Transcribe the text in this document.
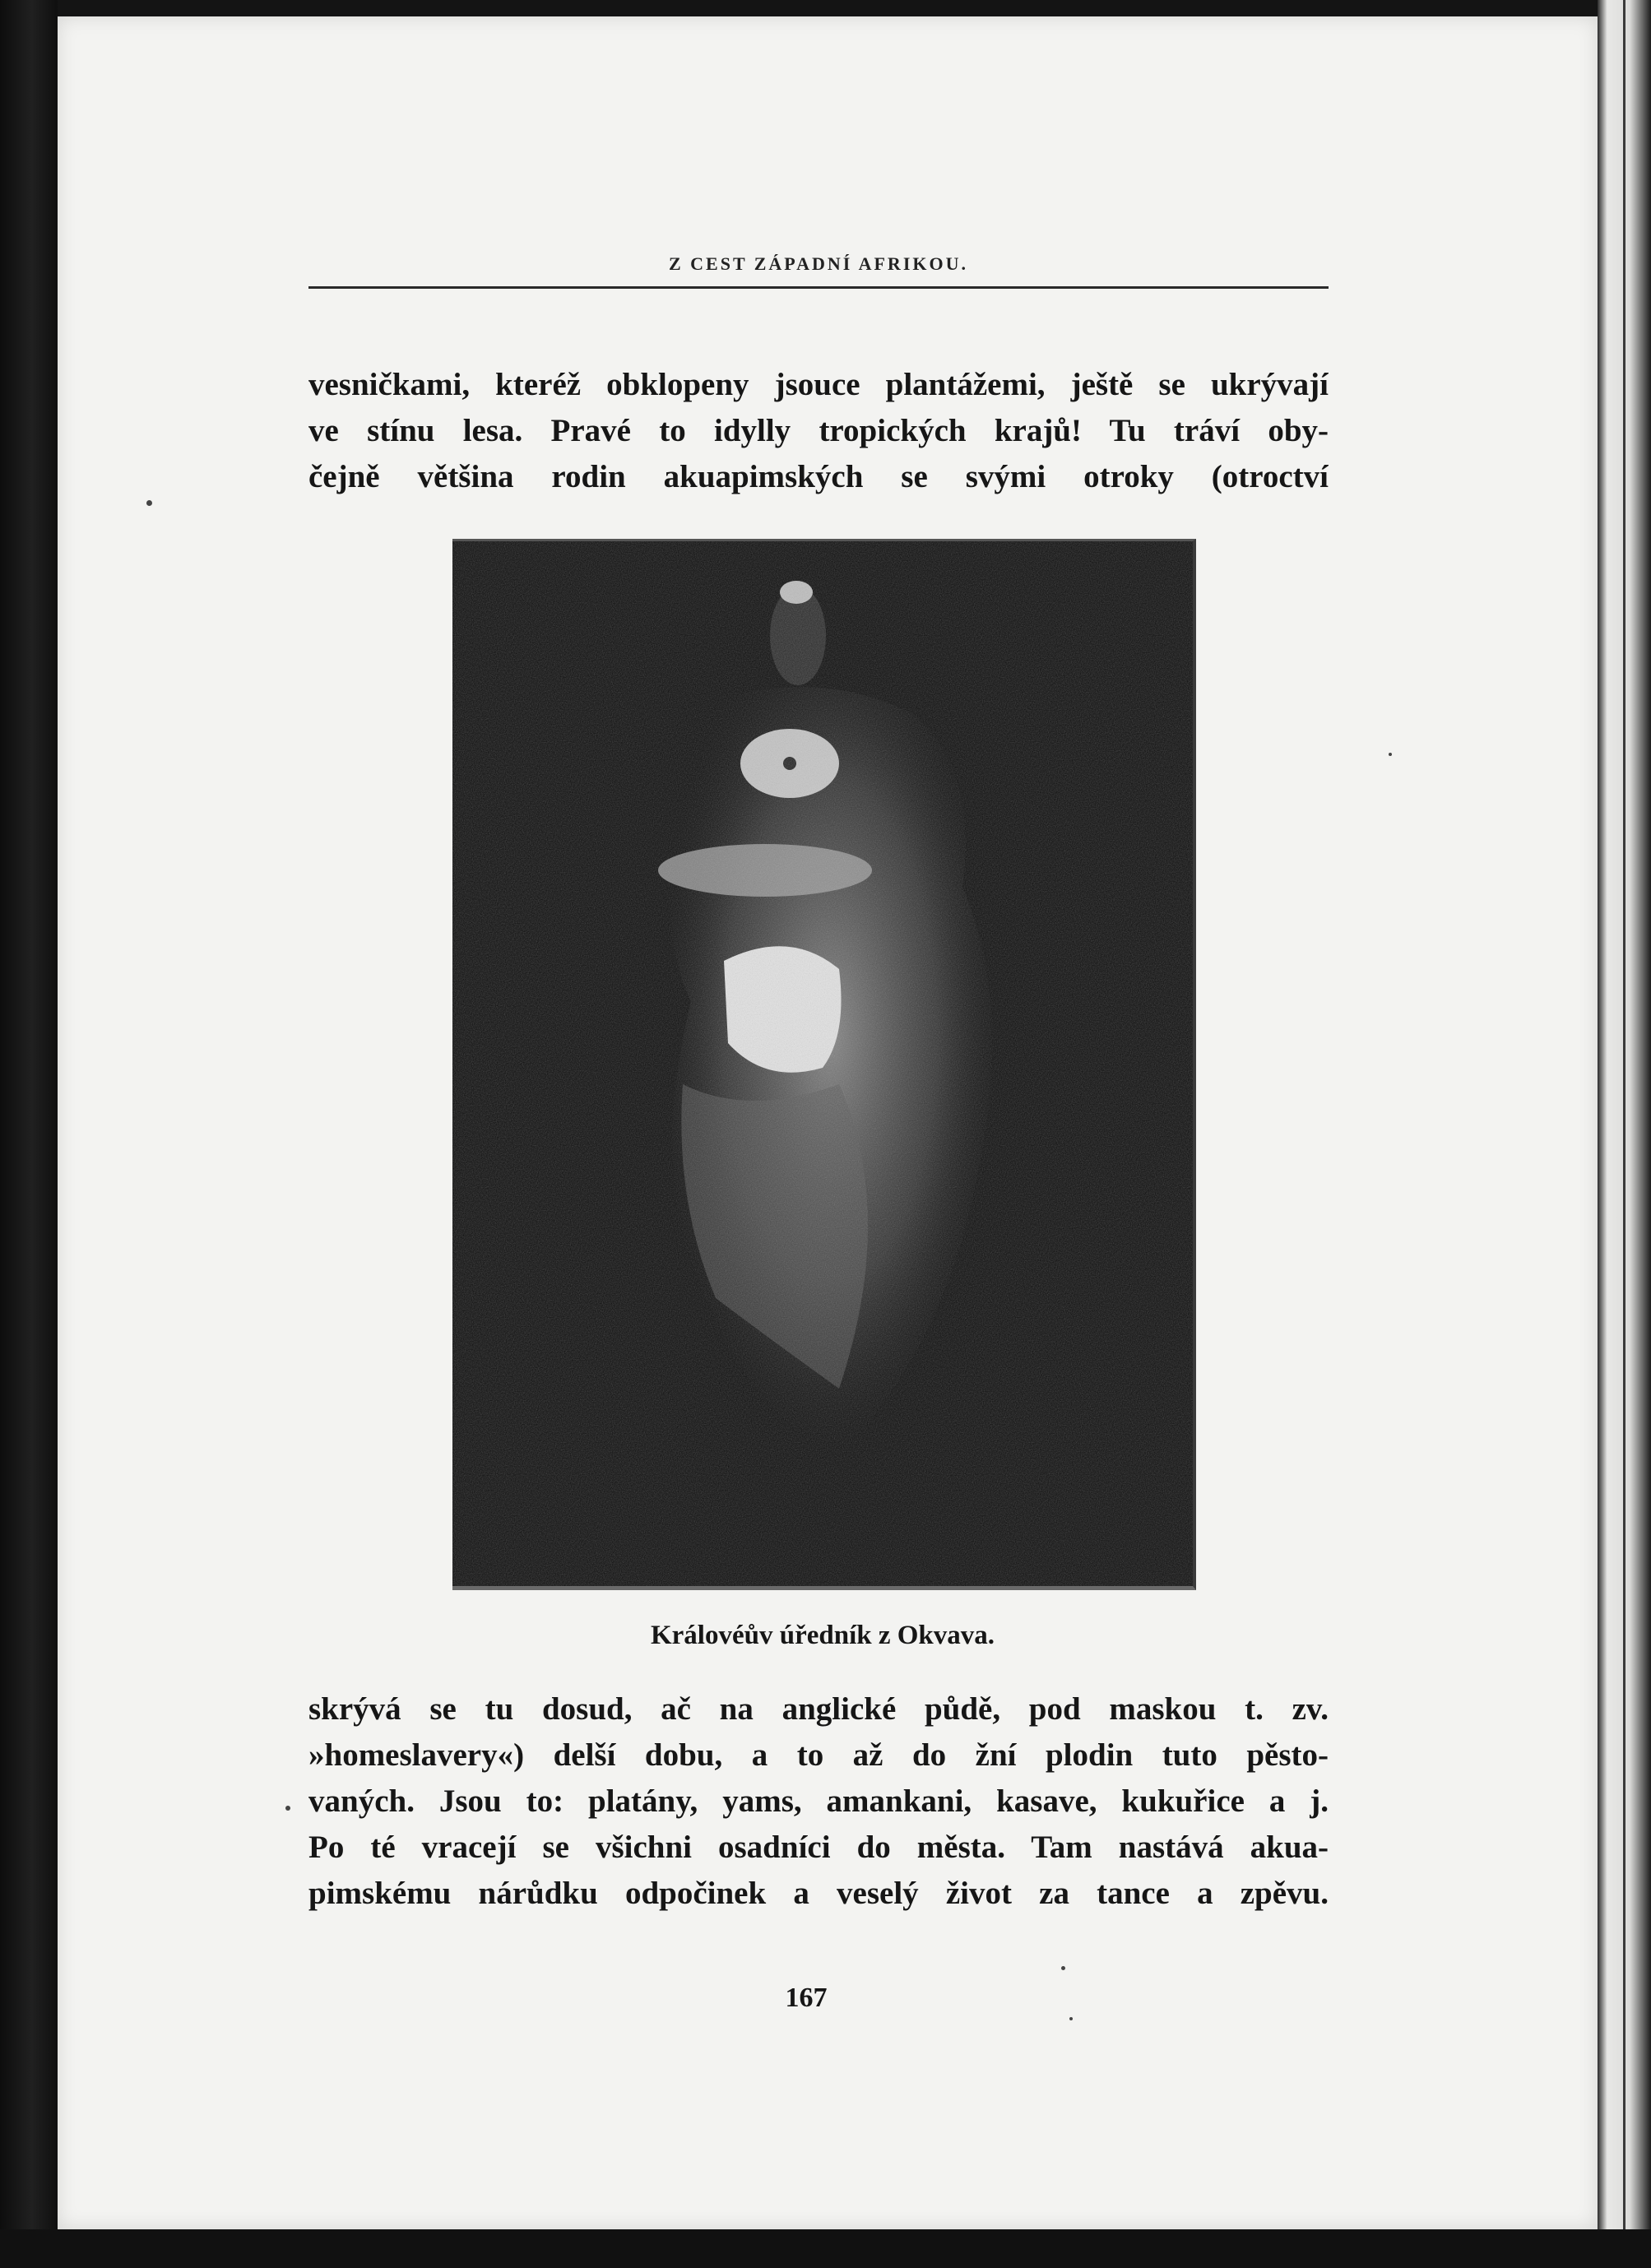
Z CEST ZÁPADNÍ AFRIKOU.
vesničkami, kteréž obklopeny jsouce plantážemi, ještě se ukrývají
ve stínu lesa. Pravé to idylly tropických krajů! Tu tráví oby-
čejně většina rodin akuapimských se svými otroky (otroctví
Královéův úředník z Okvava.
skrývá se tu dosud, ač na anglické půdě, pod maskou t. zv.
»homeslavery«) delší dobu, a to až do žní plodin tuto pěsto-
vaných. Jsou to: platány, yams, amankani, kasave, kukuřice a j.
Po té vracejí se všichni osadníci do města. Tam nastává akua-
pimskému nárůdku odpočinek a veselý život za tance a zpěvu.
167
